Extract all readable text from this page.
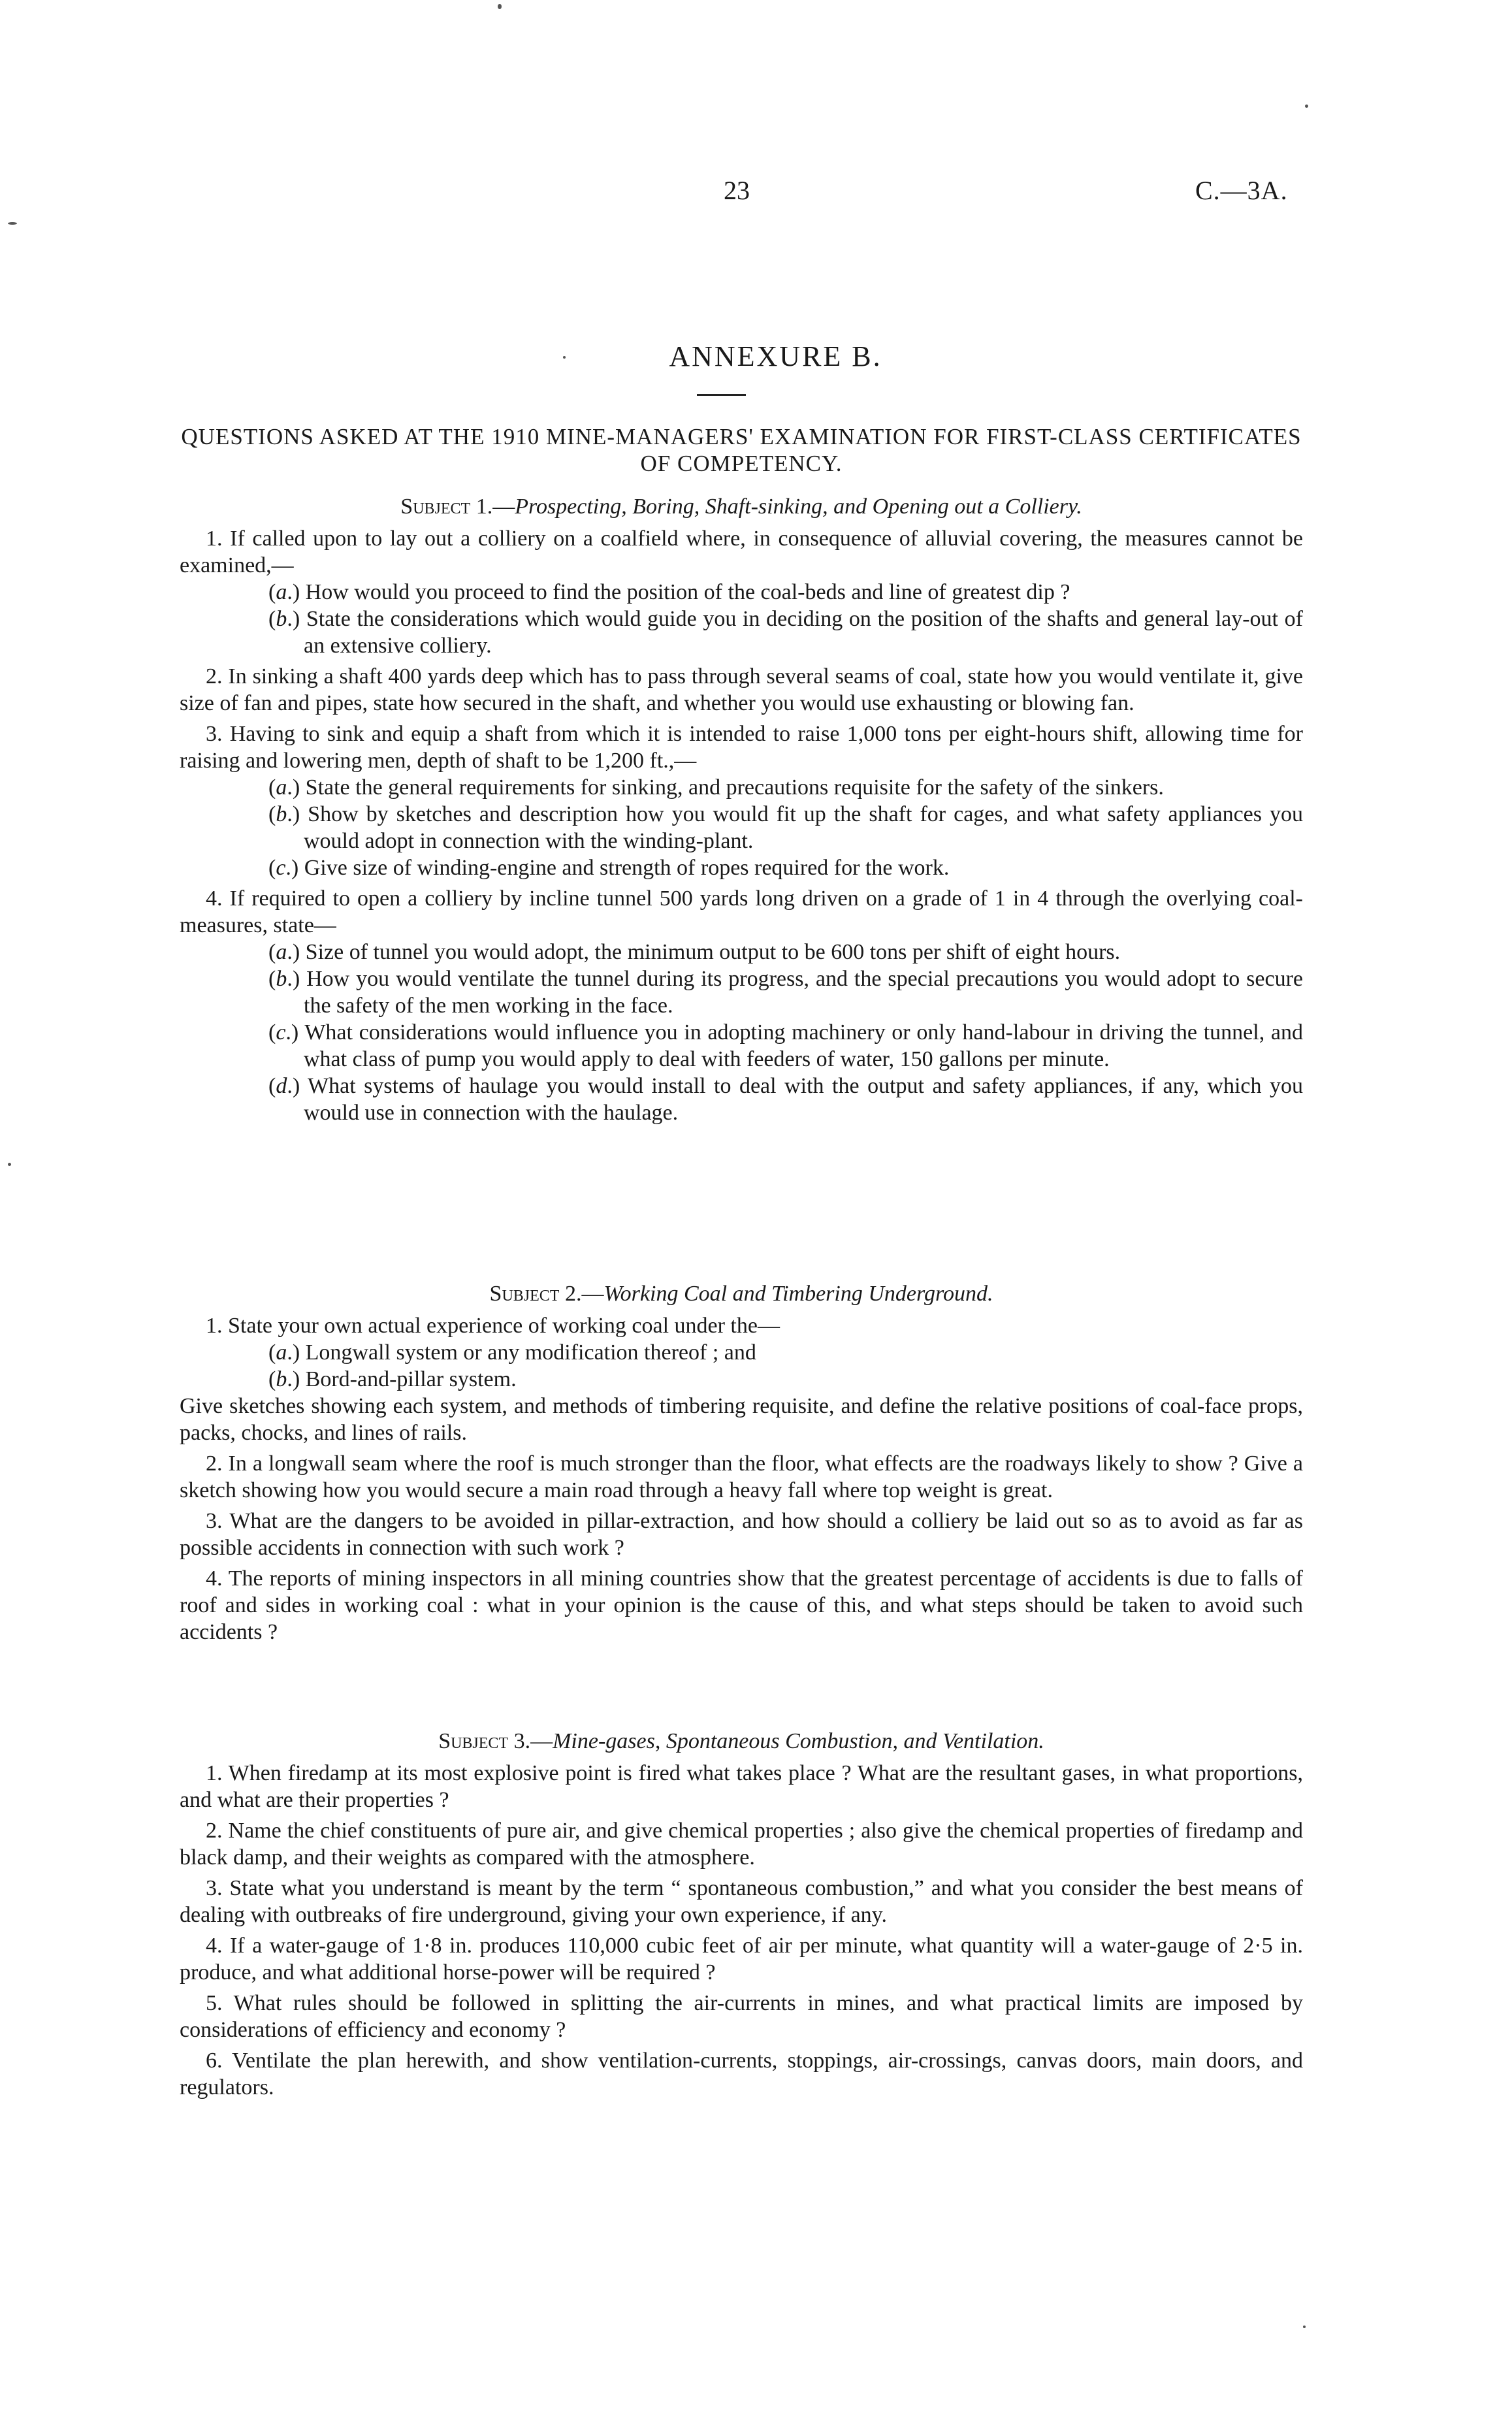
23	C.—3A.
ANNEXURE B.
QUESTIONS ASKED AT THE 1910 MINE-MANAGERS' EXAMINATION FOR FIRST-CLASS CERTIFICATES OF COMPETENCY.

Subject 1.—Prospecting, Boring, Shaft-sinking, and Opening out a Colliery.

1. If called upon to lay out a colliery on a coalfield where, in consequence of alluvial covering, the measures cannot be examined,—

(a.) How would you proceed to find the position of the coal-beds and line of greatest dip ?

(b.) State the considerations which would guide you in deciding on the position of the shafts and general lay-out of an extensive colliery.

2. In sinking a shaft 400 yards deep which has to pass through several seams of coal, state how you would ventilate it, give size of fan and pipes, state how secured in the shaft, and whether you would use exhausting or blowing fan.

3. Having to sink and equip a shaft from which it is intended to raise 1,000 tons per eight-hours shift, allowing time for raising and lowering men, depth of shaft to be 1,200 ft.,—

(a.) State the general requirements for sinking, and precautions requisite for the safety of the sinkers.

(b.) Show by sketches and description how you would fit up the shaft for cages, and what safety appliances you would adopt in connection with the winding-plant.

(c.) Give size of winding-engine and strength of ropes required for the work.

4. If required to open a colliery by incline tunnel 500 yards long driven on a grade of 1 in 4 through the overlying coal-measures, state—

(a.) Size of tunnel you would adopt, the minimum output to be 600 tons per shift of eight hours.

(b.) How you would ventilate the tunnel during its progress, and the special precautions you would adopt to secure the safety of the men working in the face.

(c.) What considerations would influence you in adopting machinery or only hand-labour in driving the tunnel, and what class of pump you would apply to deal with feeders of water, 150 gallons per minute.

(d.) What systems of haulage you would install to deal with the output and safety appliances, if any, which you would use in connection with the haulage.

Subject 2.—Working Coal and Timbering Underground.

1. State your own actual experience of working coal under the—

(a.) Longwall system or any modification thereof ; and

(b.) Bord-and-pillar system.

Give sketches showing each system, and methods of timbering requisite, and define the relative positions of coal-face props, packs, chocks, and lines of rails.

2. In a longwall seam where the roof is much stronger than the floor, what effects are the roadways likely to show ? Give a sketch showing how you would secure a main road through a heavy fall where top weight is great.

3. What are the dangers to be avoided in pillar-extraction, and how should a colliery be laid out so as to avoid as far as possible accidents in connection with such work ?

4. The reports of mining inspectors in all mining countries show that the greatest percentage of accidents is due to falls of roof and sides in working coal : what in your opinion is the cause of this, and what steps should be taken to avoid such accidents ?

Subject 3.—Mine-gases, Spontaneous Combustion, and Ventilation.

1. When firedamp at its most explosive point is fired what takes place ? What are the resultant gases, in what proportions, and what are their properties ?

2. Name the chief constituents of pure air, and give chemical properties ; also give the chemical properties of firedamp and black damp, and their weights as compared with the atmosphere.

3. State what you understand is meant by the term “ spontaneous combustion,” and what you consider the best means of dealing with outbreaks of fire underground, giving your own experience, if any.

4. If a water-gauge of 1·8 in. produces 110,000 cubic feet of air per minute, what quantity will a water-gauge of 2·5 in. produce, and what additional horse-power will be required ?

5. What rules should be followed in splitting the air-currents in mines, and what practical limits are imposed by considerations of efficiency and economy ?

6. Ventilate the plan herewith, and show ventilation-currents, stoppings, air-crossings, canvas doors, main doors, and regulators.
